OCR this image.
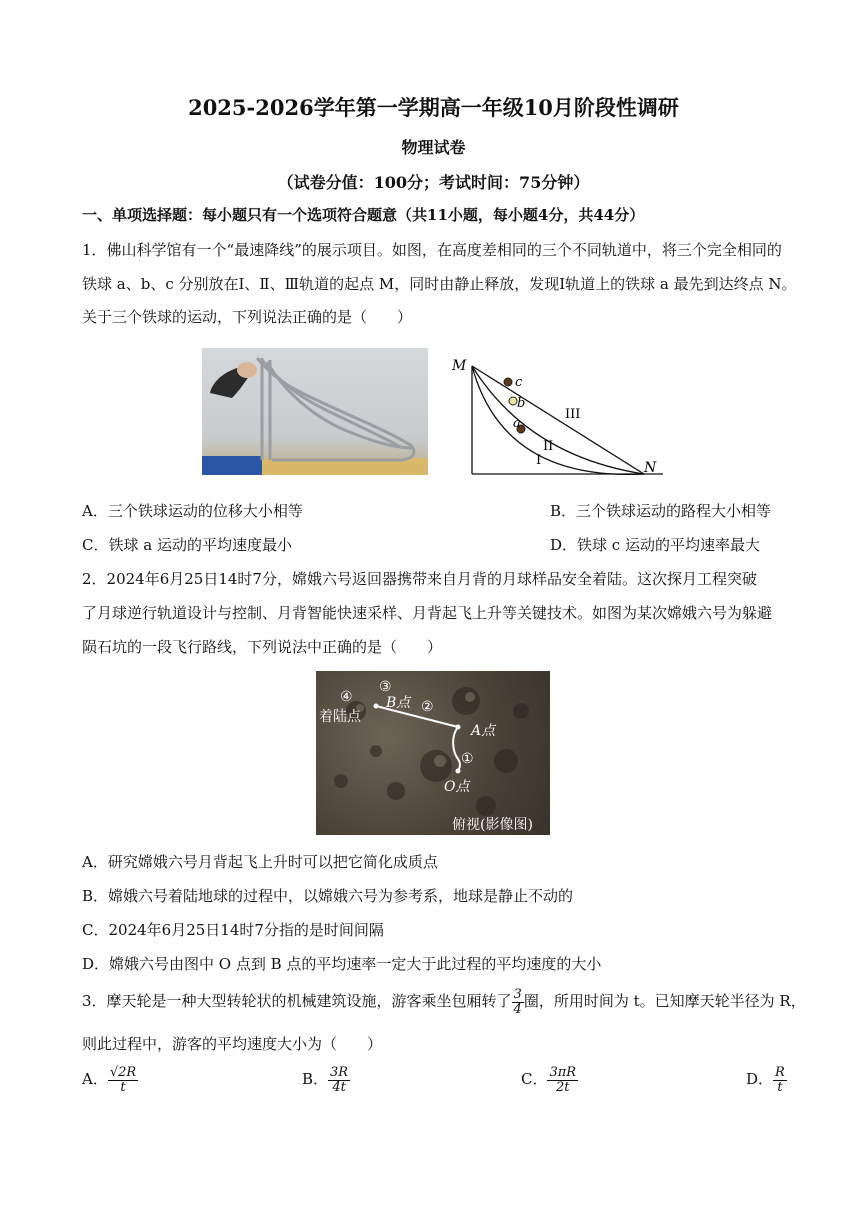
2025-2026学年第一学期高一年级10月阶段性调研
物理试卷
（试卷分值：100分；考试时间：75分钟）
一、单项选择题：每小题只有一个选项符合题意（共11小题，每小题4分，共44分）
1．佛山科学馆有一个“最速降线”的展示项目。如图，在高度差相同的三个不同轨道中，将三个完全相同的
铁球 a、b、c 分别放在Ⅰ、Ⅱ、Ⅲ轨道的起点 M，同时由静止释放，发现Ⅰ轨道上的铁球 a 最先到达终点 N。
关于三个铁球的运动，下列说法正确的是（　　）
M
N
c
b
a
III
II
I
A．三个铁球运动的位移大小相等	B．三个铁球运动的路程大小相等
C．铁球 a 运动的平均速度最小	D．铁球 c 运动的平均速率最大
2．2024年6月25日14时7分，嫦娥六号返回器携带来自月背的月球样品安全着陆。这次探月工程突破
了月球逆行轨道设计与控制、月背智能快速采样、月背起飞上升等关键技术。如图为某次嫦娥六号为躲避
陨石坑的一段飞行路线，下列说法中正确的是（　　）
④
着陆点
③
B点 ②
A点
①
O点
俯视(影像图)
A．研究嫦娥六号月背起飞上升时可以把它简化成质点
B．嫦娥六号着陆地球的过程中，以嫦娥六号为参考系，地球是静止不动的
C．2024年6月25日14时7分指的是时间间隔
D．嫦娥六号由图中 O 点到 B 点的平均速率一定大于此过程的平均速度的大小
3．摩天轮是一种大型转轮状的机械建筑设施，游客乘坐包厢转了 $\frac{3}{4}$ 圈，所用时间为 t。已知摩天轮半径为 R，
则此过程中，游客的平均速度大小为（　　）
A． $\frac{√2R}{t}$	B． $\frac{3R}{4t}$	C． $\frac{3\pi R}{2t}$	D． $\frac{R}{t}$
